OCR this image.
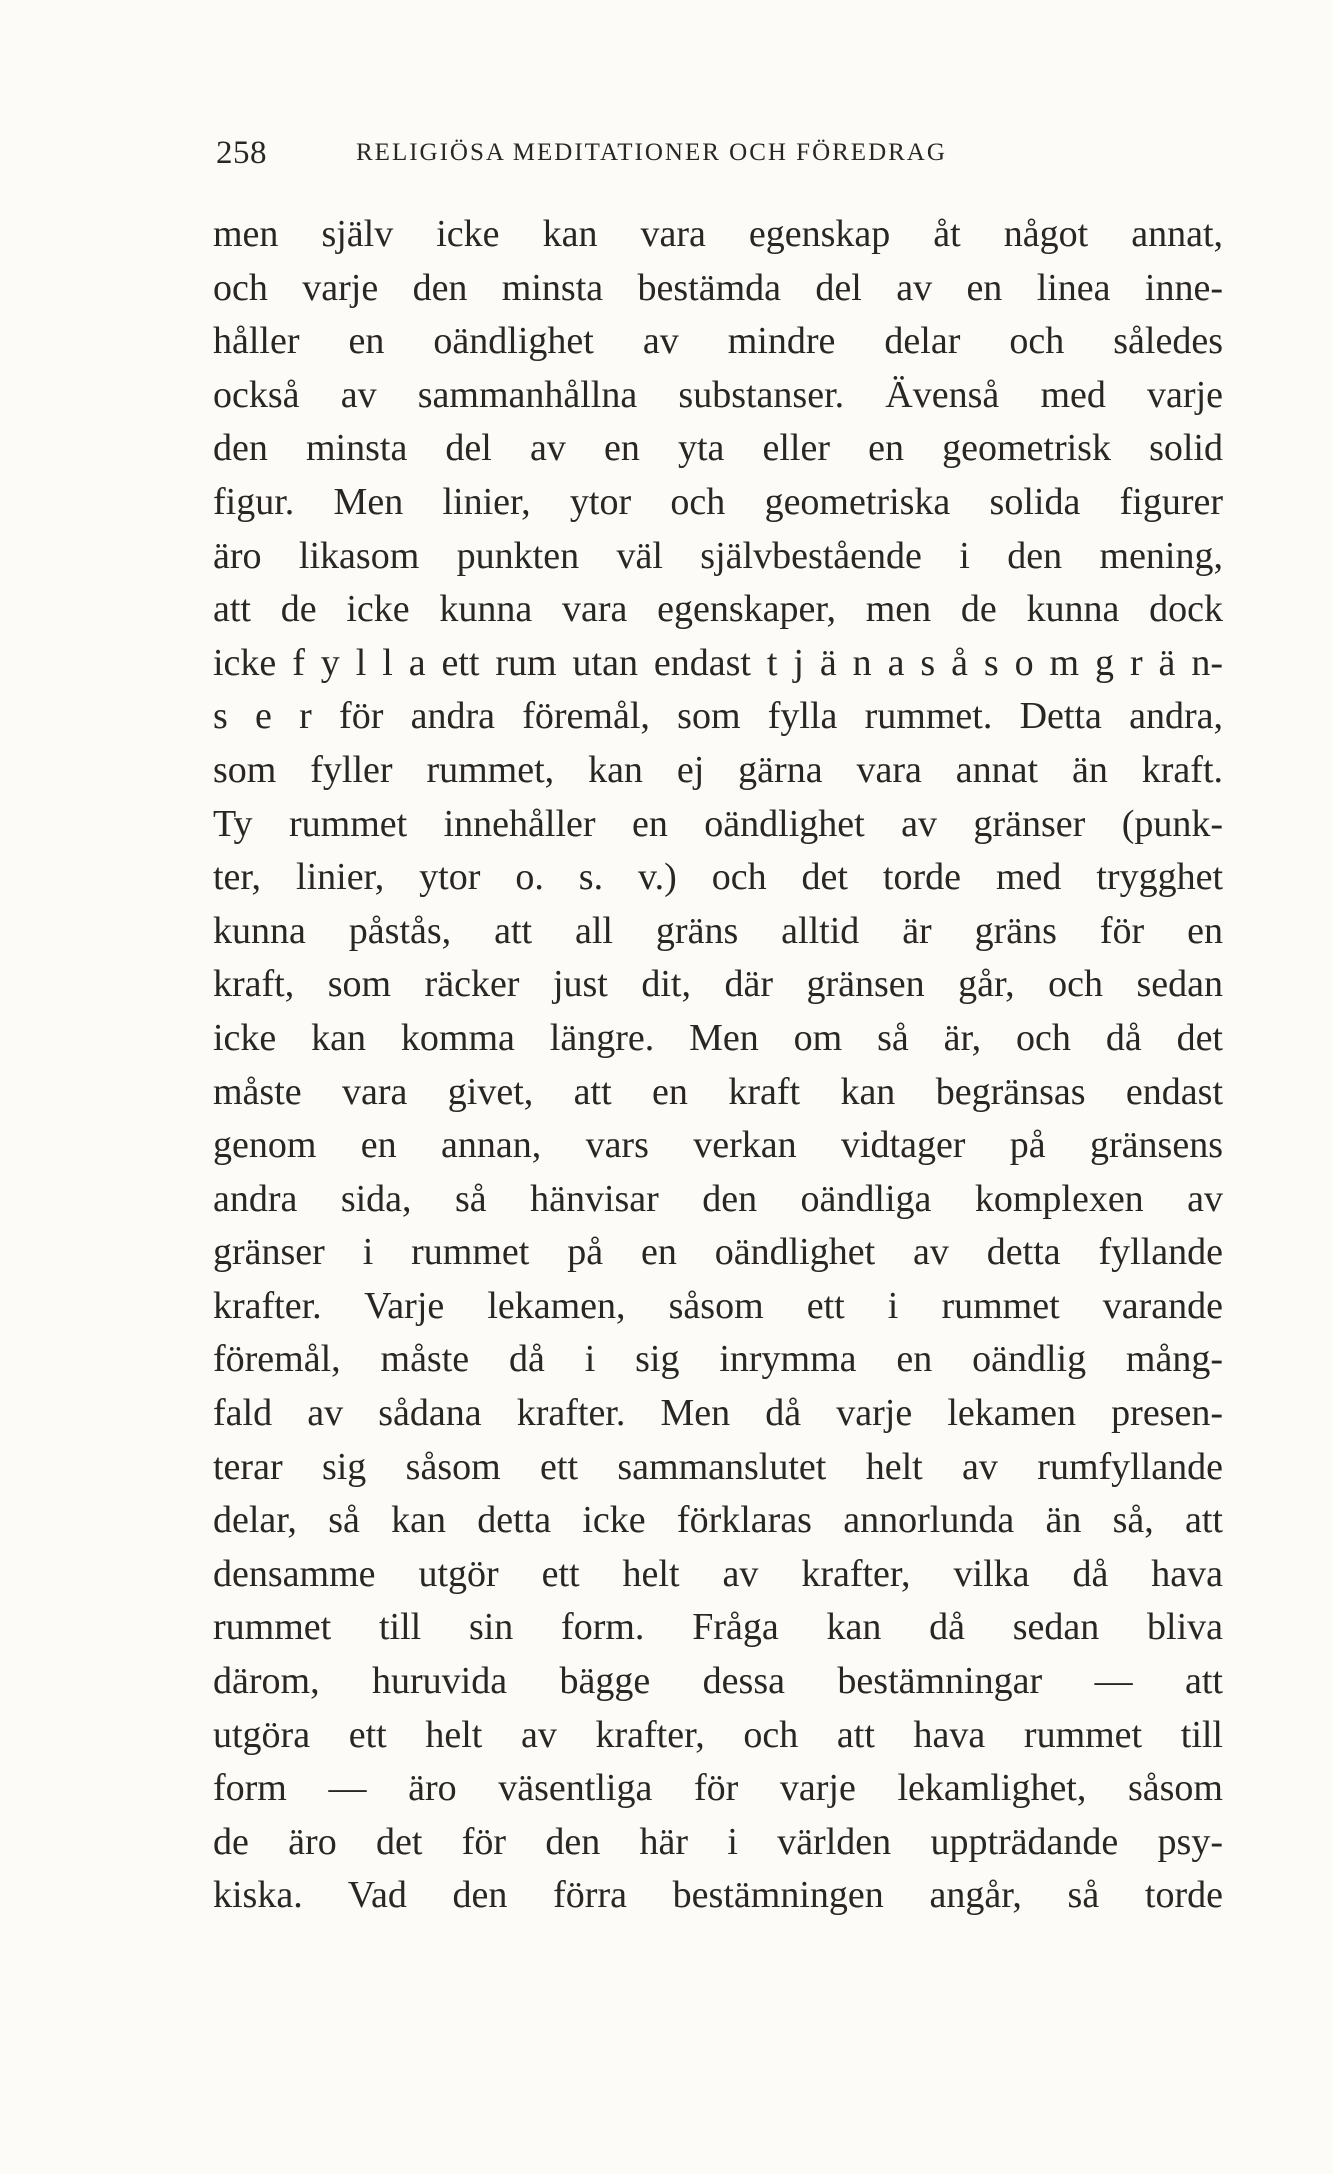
258	RELIGIÖSA MEDITATIONER OCH FÖREDRAG
men själv icke kan vara egenskap åt något annat,
och varje den minsta bestämda del av en linea inne-
håller en oändlighet av mindre delar och således
också av sammanhållna substanser. Ävenså med varje
den minsta del av en yta eller en geometrisk solid
figur. Men linier, ytor och geometriska solida figurer
äro likasom punkten väl självbestående i den mening,
att de icke kunna vara egenskaper, men de kunna dock
icke f y l l a ett rum utan endast t j ä n a s å s o m g r ä n-
s e r för andra föremål, som fylla rummet. Detta andra,
som fyller rummet, kan ej gärna vara annat än kraft.
Ty rummet innehåller en oändlighet av gränser (punk-
ter, linier, ytor o. s. v.) och det torde med trygghet
kunna påstås, att all gräns alltid är gräns för en
kraft, som räcker just dit, där gränsen går, och sedan
icke kan komma längre. Men om så är, och då det
måste vara givet, att en kraft kan begränsas endast
genom en annan, vars verkan vidtager på gränsens
andra sida, så hänvisar den oändliga komplexen av
gränser i rummet på en oändlighet av detta fyllande
krafter. Varje lekamen, såsom ett i rummet varande
föremål, måste då i sig inrymma en oändlig mång-
fald av sådana krafter. Men då varje lekamen presen-
terar sig såsom ett sammanslutet helt av rumfyllande
delar, så kan detta icke förklaras annorlunda än så, att
densamme utgör ett helt av krafter, vilka då hava
rummet till sin form. Fråga kan då sedan bliva
därom, huruvida bägge dessa bestämningar — att
utgöra ett helt av krafter, och att hava rummet till
form — äro väsentliga för varje lekamlighet, såsom
de äro det för den här i världen uppträdande psy-
kiska. Vad den förra bestämningen angår, så torde
